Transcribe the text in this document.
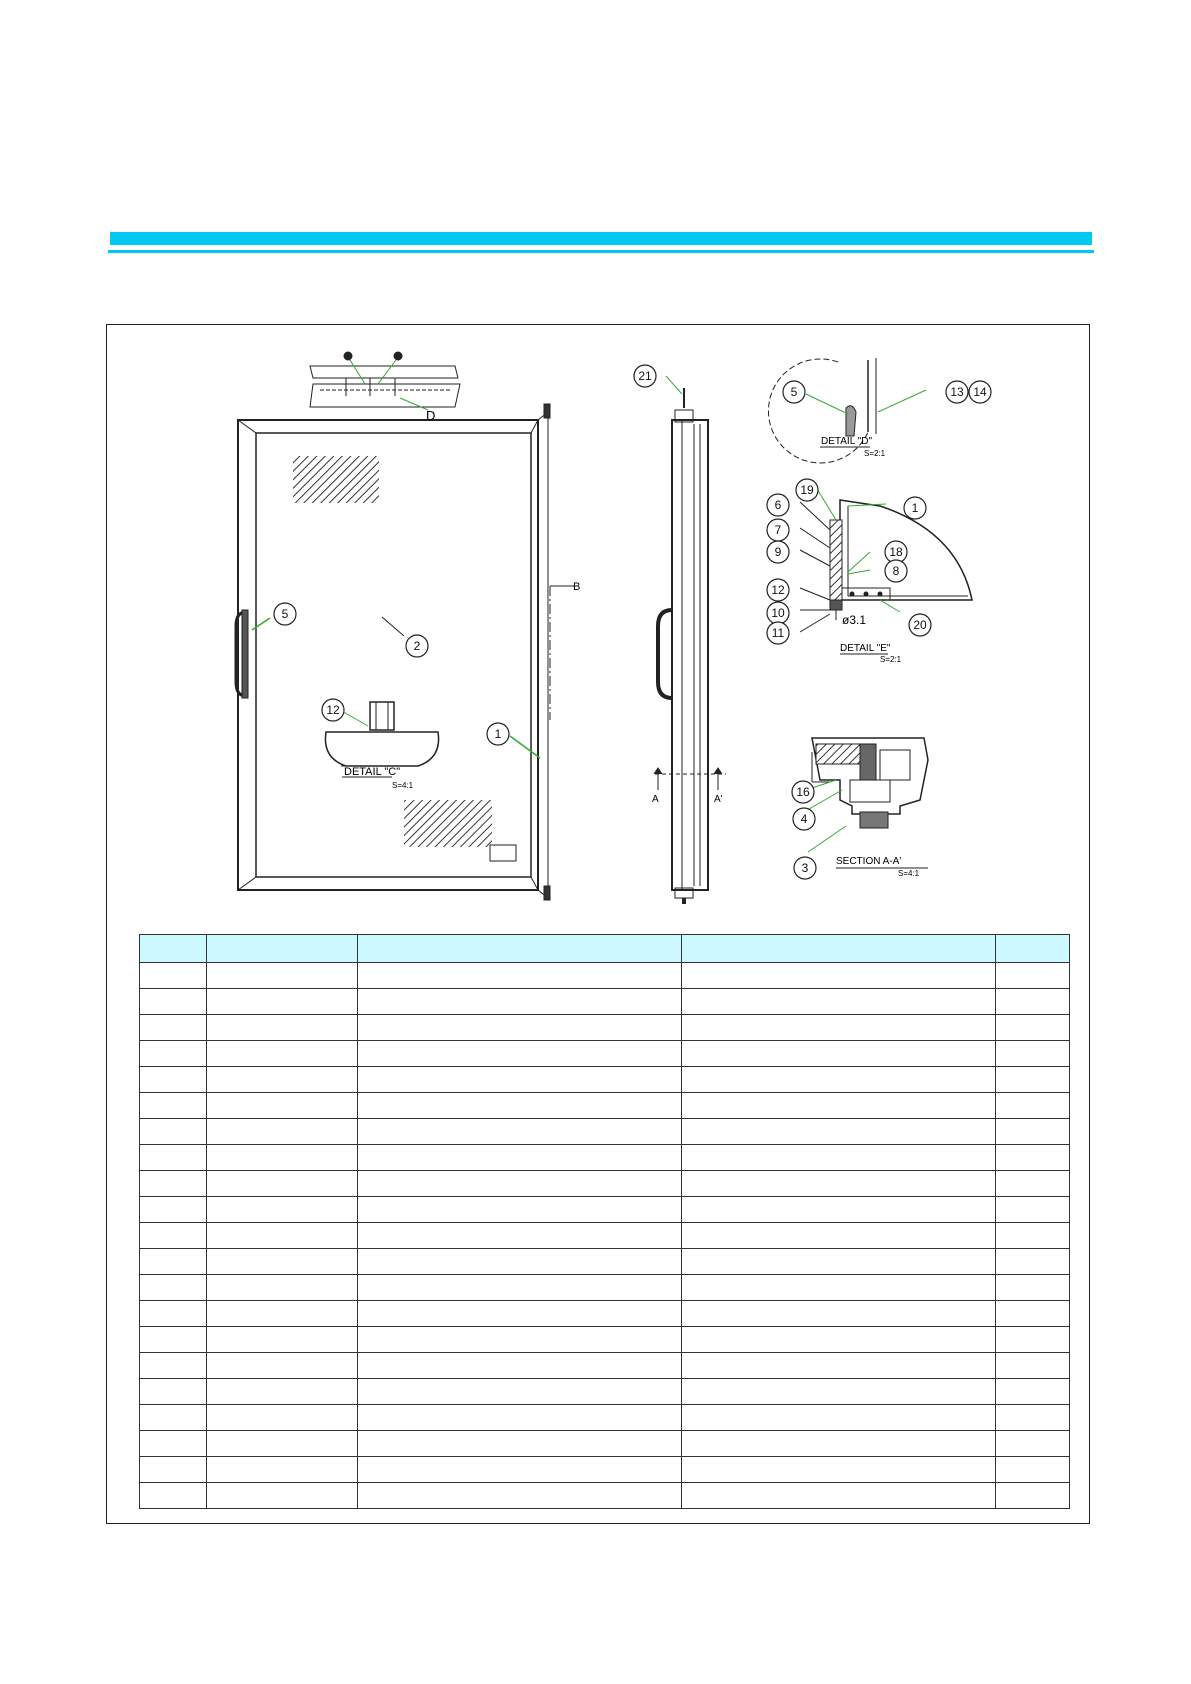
D
B
DETAIL "C"
S=4:1
A	A'
DETAIL "D"
S=2:1
DETAIL "E"
S=2:1
ø3.1
SECTION A-A'
S=4:1
5
2
12
1
21
5	13 14
19
6	1
7
18
9
8
12
10
20
11
16
4
3
